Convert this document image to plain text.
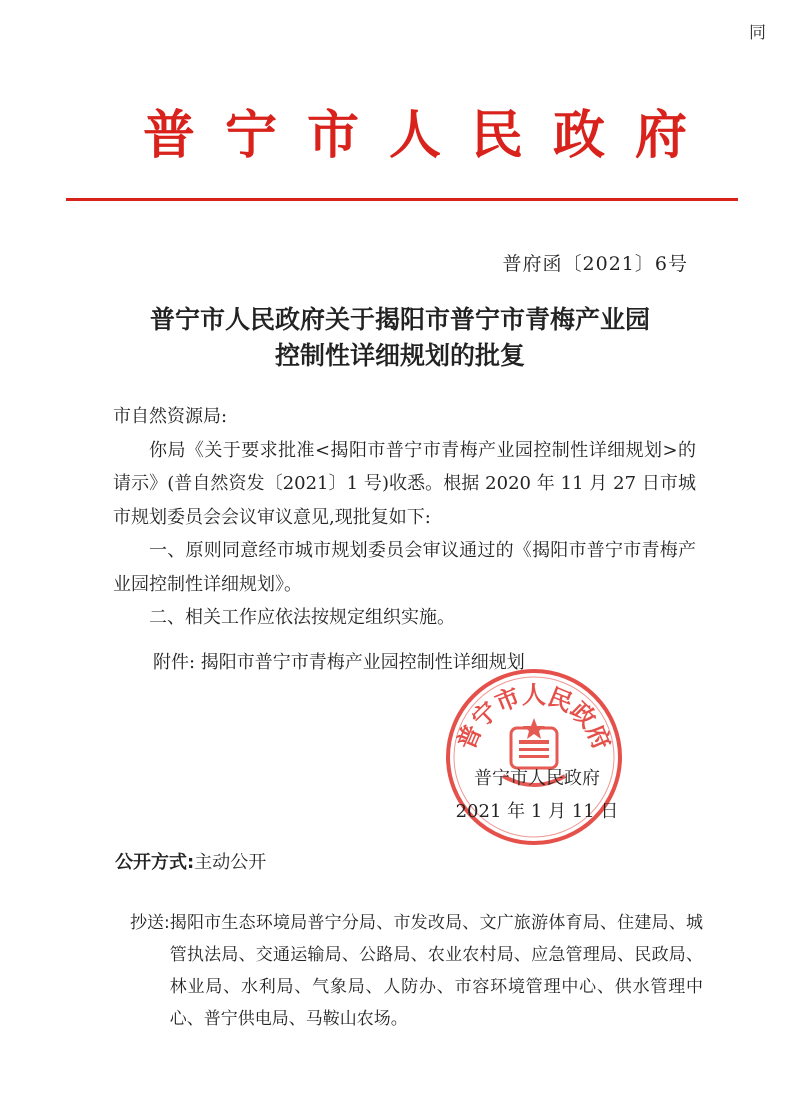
同
普宁市人民政府
普府函〔2021〕6号
普宁市人民政府关于揭阳市普宁市青梅产业园
控制性详细规划的批复

市自然资源局:

你局《关于要求批准<揭阳市普宁市青梅产业园控制性详细规划>的请示》(普自然资发〔2021〕1 号)收悉。根据 2020 年 11 月 27 日市城市规划委员会会议审议意见,现批复如下:

一、原则同意经市城市规划委员会审议通过的《揭阳市普宁市青梅产业园控制性详细规划》。

二、相关工作应依法按规定组织实施。

附件: 揭阳市普宁市青梅产业园控制性详细规划
普宁市人民政府
普宁市人民政府
2021 年 1 月 11 日
公开方式:主动公开
抄送: 揭阳市生态环境局普宁分局、市发改局、文广旅游体育局、住建局、城管执法局、交通运输局、公路局、农业农村局、应急管理局、民政局、林业局、水利局、气象局、人防办、市容环境管理中心、供水管理中心、普宁供电局、马鞍山农场。
